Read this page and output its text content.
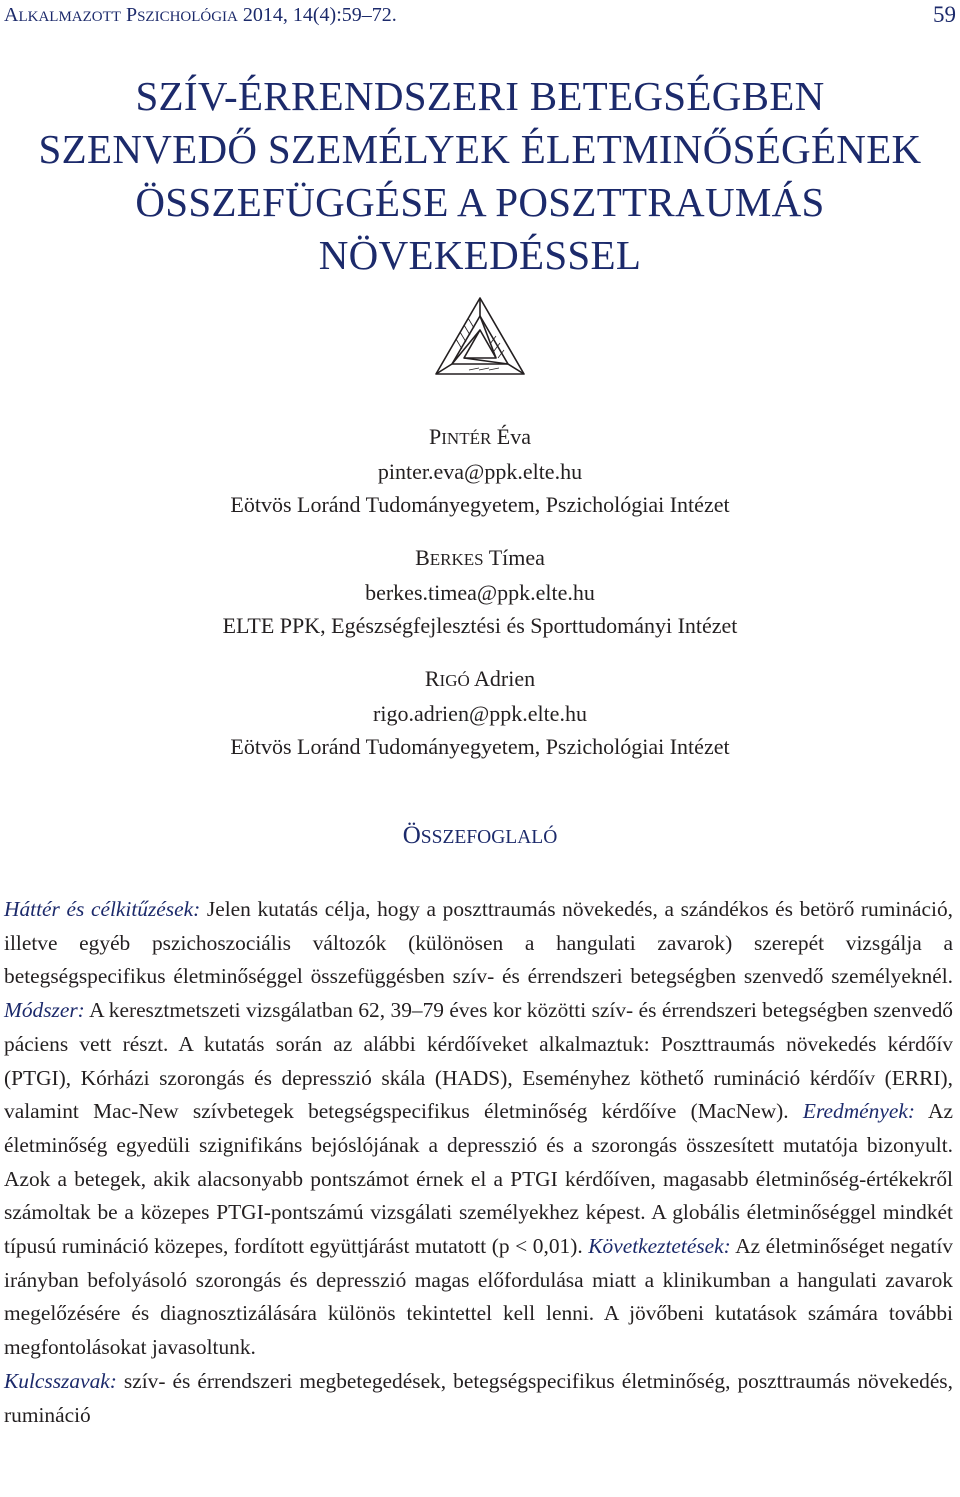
ALKALMAZOTT PSZICHOLÓGIA 2014, 14(4):59–72.	59
SZÍV-ÉRRENDSZERI BETEGSÉGBEN
SZENVEDŐ SZEMÉLYEK ÉLETMINŐSÉGÉNEK
ÖSSZEFÜGGÉSE A POSZTTRAUMÁS
NÖVEKEDÉSSEL
PINTÉR Éva
pinter.eva@ppk.elte.hu
Eötvös Loránd Tudományegyetem, Pszichológiai Intézet
BERKES Tímea
berkes.timea@ppk.elte.hu
ELTE PPK, Egészségfejlesztési és Sporttudományi Intézet
RIGÓ Adrien
rigo.adrien@ppk.elte.hu
Eötvös Loránd Tudományegyetem, Pszichológiai Intézet
ÖSSZEFOGLALÓ

Háttér és célkitűzések: Jelen kutatás célja, hogy a poszttraumás növekedés, a szándékos és betörő rumináció, illetve egyéb pszichoszociális változók (különösen a hangulati zavarok) szerepét vizsgálja a betegségspecifikus életminőséggel összefüggésben szív- és érrendszeri betegségben szenvedő személyeknél. Módszer: A keresztmetszeti vizsgálatban 62, 39–79 éves kor közötti szív- és érrendszeri betegségben szenvedő páciens vett részt. A kutatás során az alábbi kérdőíveket alkalmaztuk: Poszttraumás növekedés kérdőív (PTGI), Kórházi szorongás és depresszió skála (HADS), Eseményhez köthető rumináció kérdőív (ERRI), valamint Mac-New szívbetegek betegségspecifikus életminőség kérdőíve (MacNew). Eredmények: Az életminőség egyedüli szignifikáns bejóslójának a depresszió és a szorongás összesített mutatója bizonyult. Azok a betegek, akik alacsonyabb pontszámot érnek el a PTGI kérdőíven, magasabb életminőség-értékekről számoltak be a közepes PTGI-pontszámú vizsgálati személyekhez képest. A globális életminőséggel mindkét típusú rumináció közepes, fordított együttjárást mutatott (p < 0,01). Következtetések: Az életminőséget negatív irányban befolyásoló szorongás és depresszió magas előfordulása miatt a klinikumban a hangulati zavarok megelőzésére és diagnosztizálására különös tekintettel kell lenni. A jövőbeni kutatások számára további megfontolásokat javasoltunk.

Kulcsszavak: szív- és érrendszeri megbetegedések, betegségspecifikus életminőség, poszttraumás növekedés, rumináció
